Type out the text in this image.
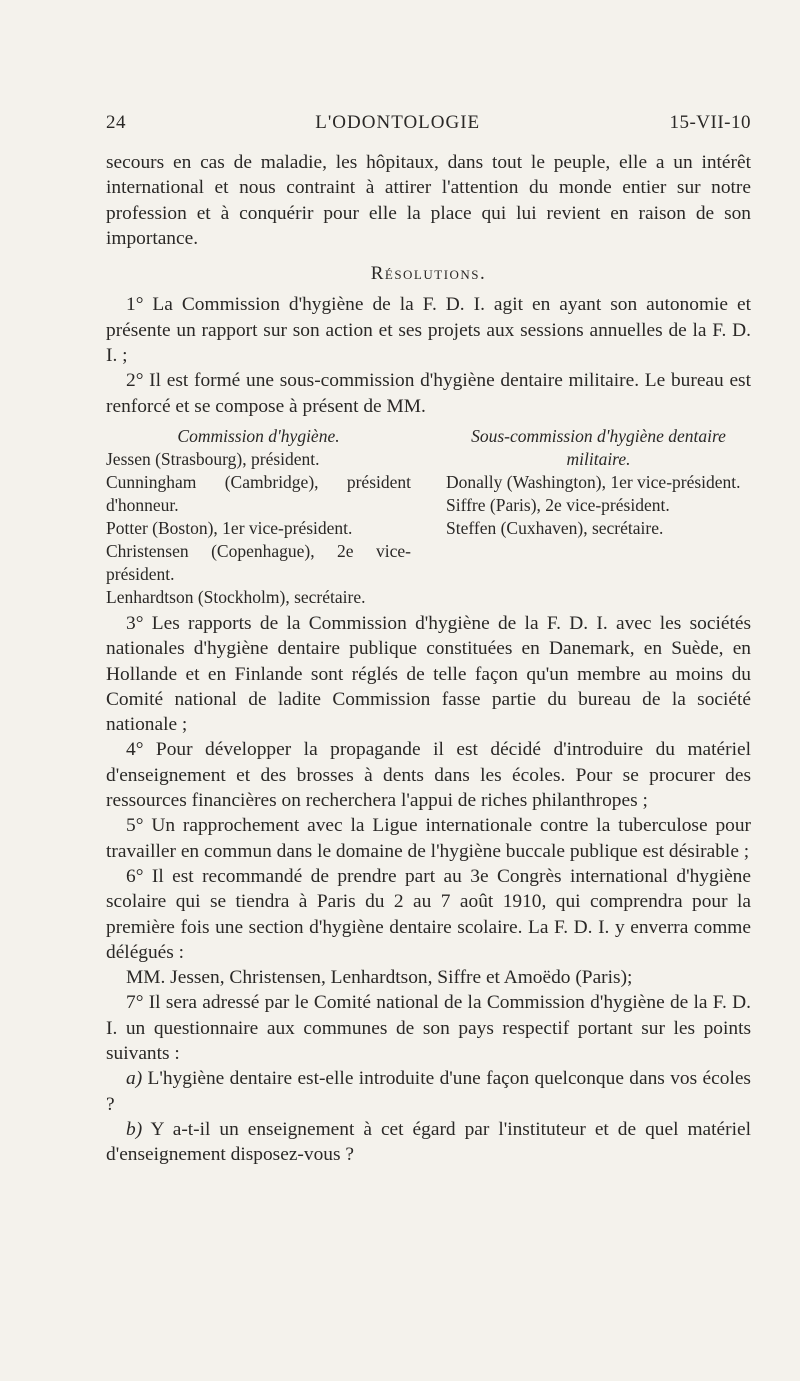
24	L'ODONTOLOGIE	15-VII-10

secours en cas de maladie, les hôpitaux, dans tout le peuple, elle a un intérêt international et nous contraint à attirer l'attention du monde entier sur notre profession et à conquérir pour elle la place qui lui revient en raison de son importance.

Résolutions.

1° La Commission d'hygiène de la F. D. I. agit en ayant son autonomie et présente un rapport sur son action et ses projets aux sessions annuelles de la F. D. I. ;

2° Il est formé une sous-commission d'hygiène dentaire militaire. Le bureau est renforcé et se compose à présent de MM.

Commission d'hygiène.
Jessen (Strasbourg), président.
Cunningham (Cambridge), président d'honneur.
Potter (Boston), 1er vice-président.
Christensen (Copenhague), 2e vice-président.
Lenhardtson (Stockholm), secrétaire.
Sous-commission d'hygiène dentaire militaire.
Donally (Washington), 1er vice-président.
Siffre (Paris), 2e vice-président.
Steffen (Cuxhaven), secrétaire.

3° Les rapports de la Commission d'hygiène de la F. D. I. avec les sociétés nationales d'hygiène dentaire publique constituées en Danemark, en Suède, en Hollande et en Finlande sont réglés de telle façon qu'un membre au moins du Comité national de ladite Commission fasse partie du bureau de la société nationale ;

4° Pour développer la propagande il est décidé d'introduire du matériel d'enseignement et des brosses à dents dans les écoles. Pour se procurer des ressources financières on recherchera l'appui de riches philanthropes ;

5° Un rapprochement avec la Ligue internationale contre la tuberculose pour travailler en commun dans le domaine de l'hygiène buccale publique est désirable ;

6° Il est recommandé de prendre part au 3e Congrès international d'hygiène scolaire qui se tiendra à Paris du 2 au 7 août 1910, qui comprendra pour la première fois une section d'hygiène dentaire scolaire. La F. D. I. y enverra comme délégués :

MM. Jessen, Christensen, Lenhardtson, Siffre et Amoëdo (Paris);

7° Il sera adressé par le Comité national de la Commission d'hygiène de la F. D. I. un questionnaire aux communes de son pays respectif portant sur les points suivants :

a) L'hygiène dentaire est-elle introduite d'une façon quelconque dans vos écoles ?

b) Y a-t-il un enseignement à cet égard par l'instituteur et de quel matériel d'enseignement disposez-vous ?
